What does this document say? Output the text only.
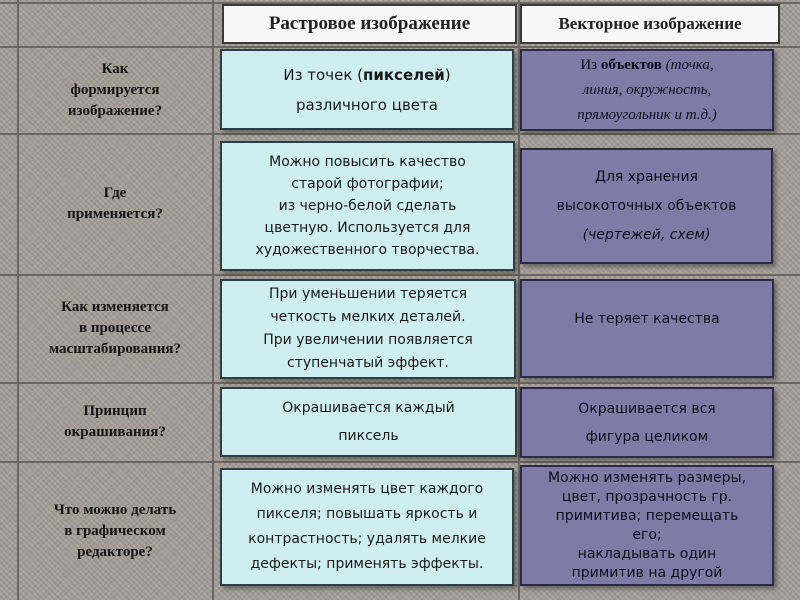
Растровое изображение	Векторное изображение
Как
формируется
изображение?
Из точек (пикселей)
различного цвета
Из объектов (точка,
линия, окружность,
прямоугольник и т.д.)
Где
применяется?
Можно повысить качество
старой фотографии;
из черно-белой сделать
цветную. Используется для
художественного творчества.
Для хранения
высокоточных объектов
(чертежей, схем)
Как изменяется
в процессе
масштабирования?
При уменьшении теряется
четкость мелких деталей.
При увеличении появляется
ступенчатый эффект.
Не теряет качества
Принцип
окрашивания?
Окрашивается каждый
пиксель
Окрашивается вся
фигура целиком
Что можно делать
в графическом
редакторе?
Можно изменять цвет каждого
пикселя; повышать яркость и
контрастность; удалять мелкие
дефекты; применять эффекты.
Можно изменять размеры,
цвет, прозрачность гр.
примитива; перемещать
его;
накладывать один
примитив на другой
